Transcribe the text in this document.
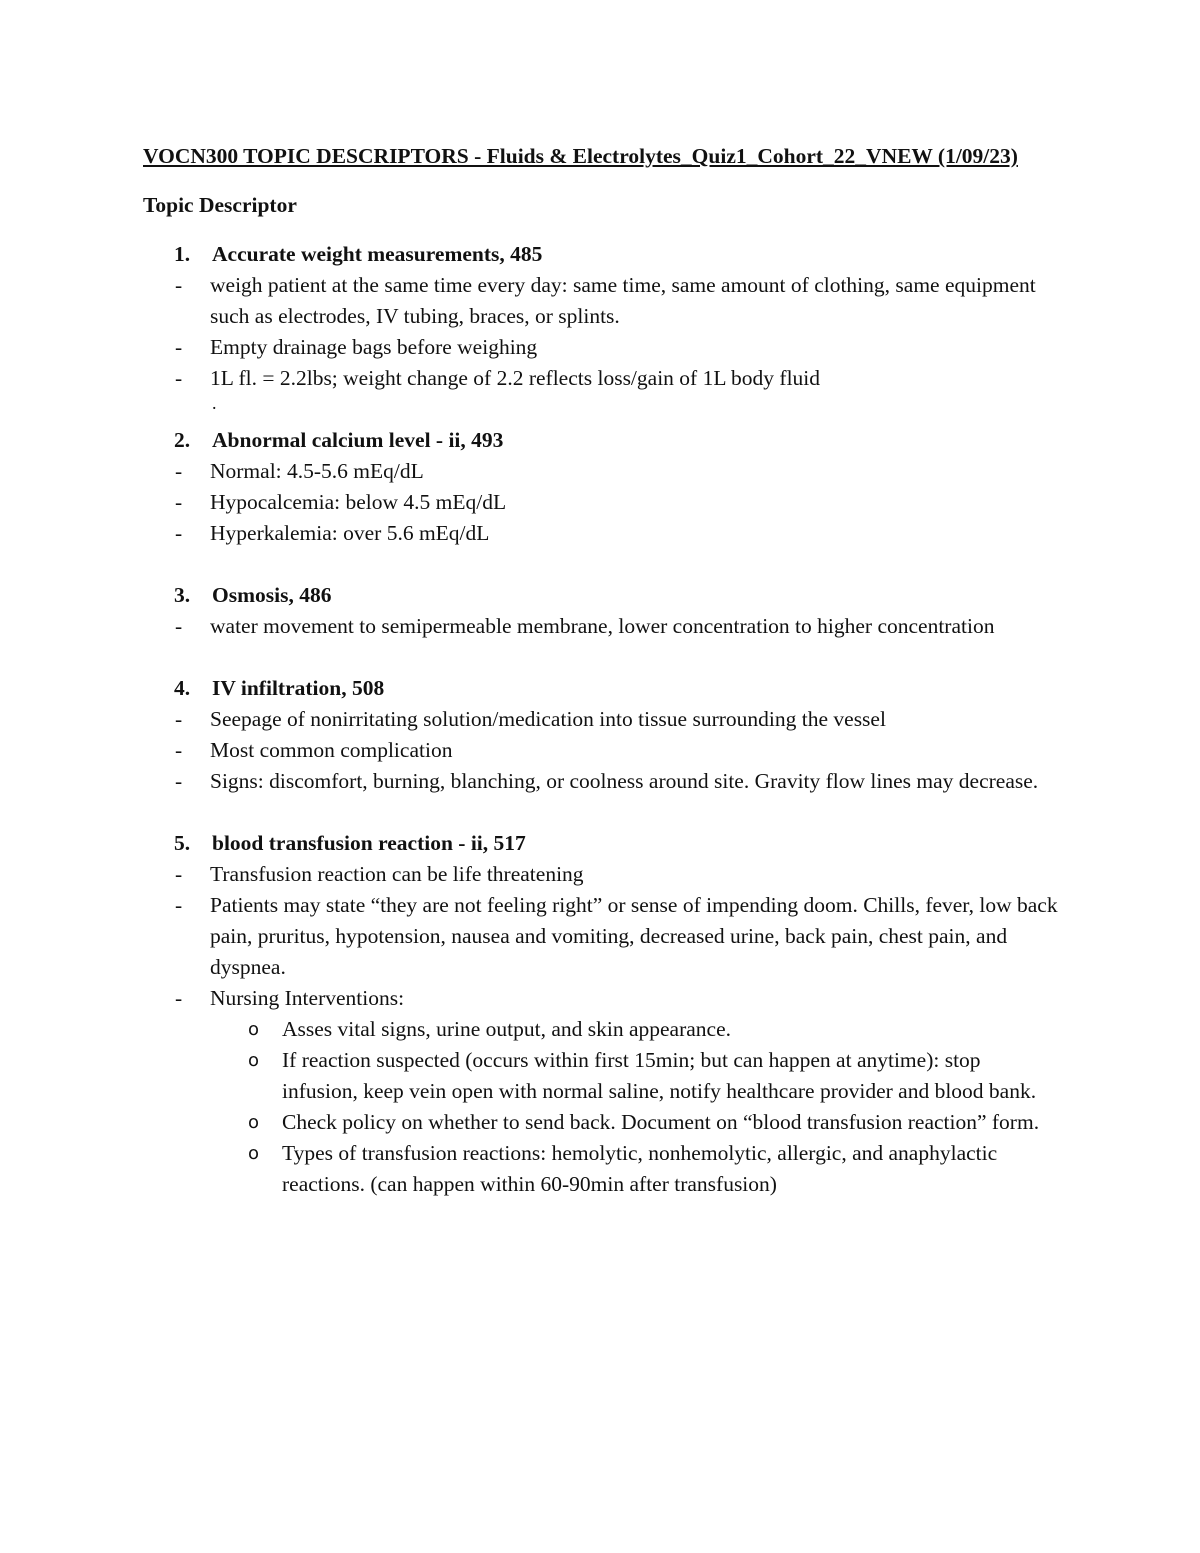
VOCN300 TOPIC DESCRIPTORS - Fluids & Electrolytes_Quiz1_Cohort_22_VNEW (1/09/23)
Topic Descriptor
1. Accurate weight measurements, 485
- weigh patient at the same time every day: same time, same amount of clothing, same equipment such as electrodes, IV tubing, braces, or splints.
- Empty drainage bags before weighing
- 1L fl. = 2.2lbs; weight change of 2.2 reflects loss/gain of 1L body fluid
.
2. Abnormal calcium level - ii, 493
- Normal: 4.5-5.6 mEq/dL
- Hypocalcemia: below 4.5 mEq/dL
- Hyperkalemia: over 5.6 mEq/dL
3. Osmosis, 486
- water movement to semipermeable membrane, lower concentration to higher concentration
4. IV infiltration, 508
- Seepage of nonirritating solution/medication into tissue surrounding the vessel
- Most common complication
- Signs: discomfort, burning, blanching, or coolness around site. Gravity flow lines may decrease.
5. blood transfusion reaction - ii, 517
- Transfusion reaction can be life threatening
- Patients may state “they are not feeling right” or sense of impending doom. Chills, fever, low back pain, pruritus, hypotension, nausea and vomiting, decreased urine, back pain, chest pain, and dyspnea.
- Nursing Interventions:
o Asses vital signs, urine output, and skin appearance.
o If reaction suspected (occurs within first 15min; but can happen at anytime): stop infusion, keep vein open with normal saline, notify healthcare provider and blood bank.
o Check policy on whether to send back. Document on “blood transfusion reaction” form.
o Types of transfusion reactions: hemolytic, nonhemolytic, allergic, and anaphylactic reactions. (can happen within 60-90min after transfusion)
